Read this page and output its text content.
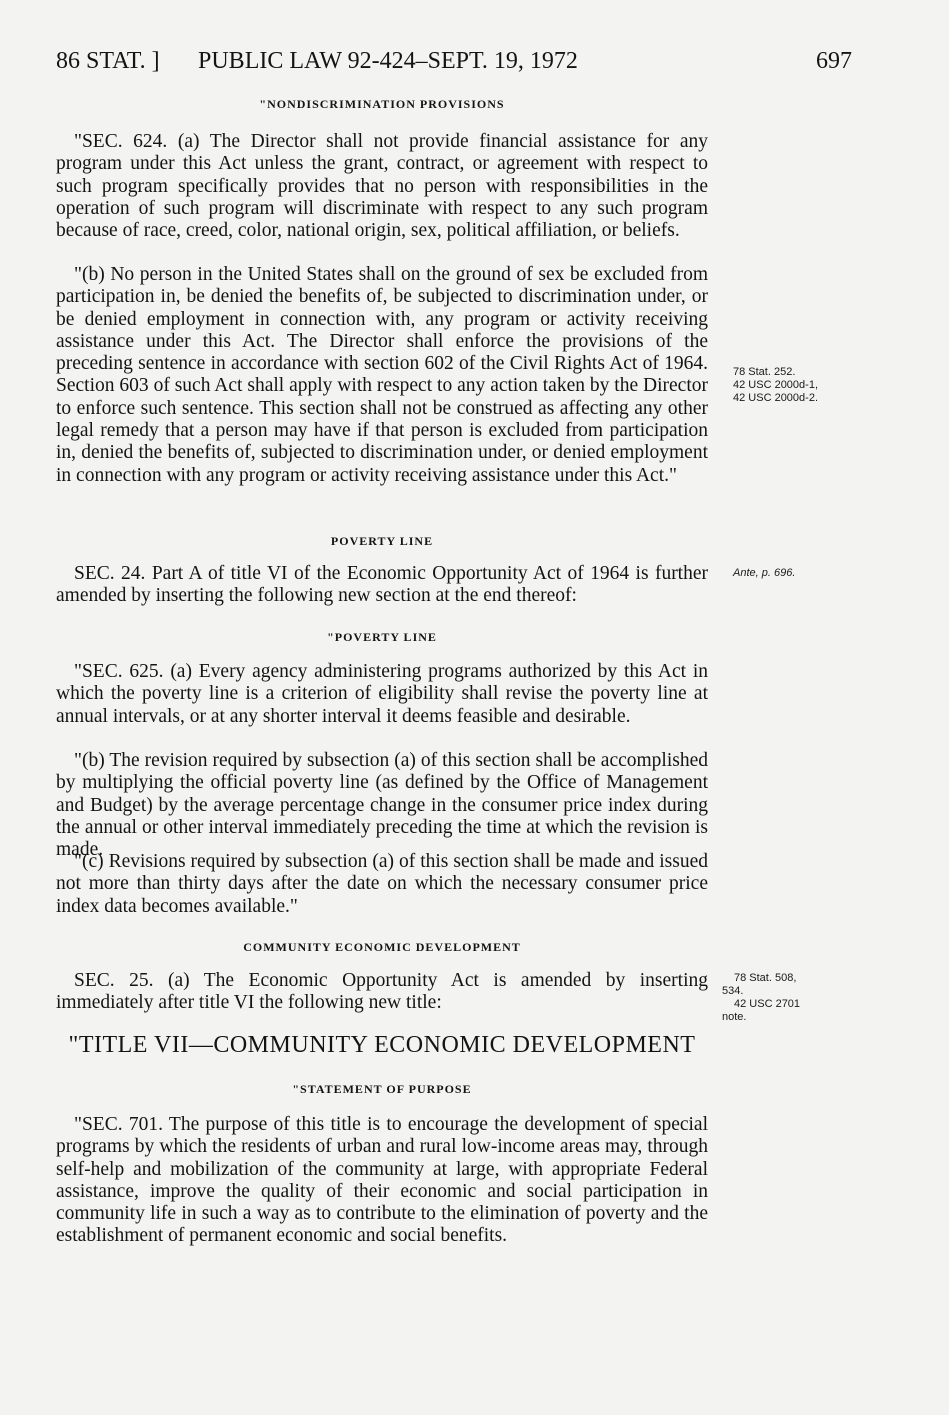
86 STAT. ] PUBLIC LAW 92-424–SEPT. 19, 1972	697
"NONDISCRIMINATION PROVISIONS

"SEC. 624. (a) The Director shall not provide financial assistance for any program under this Act unless the grant, contract, or agreement with respect to such program specifically provides that no person with responsibilities in the operation of such program will discriminate with respect to any such program because of race, creed, color, national origin, sex, political affiliation, or beliefs.

"(b) No person in the United States shall on the ground of sex be excluded from participation in, be denied the benefits of, be subjected to discrimination under, or be denied employment in connection with, any program or activity receiving assistance under this Act. The Director shall enforce the provisions of the preceding sentence in accordance with section 602 of the Civil Rights Act of 1964. Section 603 of such Act shall apply with respect to any action taken by the Director to enforce such sentence. This section shall not be construed as affecting any other legal remedy that a person may have if that person is excluded from participation in, denied the benefits of, subjected to discrimination under, or denied employment in connection with any program or activity receiving assistance under this Act."

POVERTY LINE

SEC. 24. Part A of title VI of the Economic Opportunity Act of 1964 is further amended by inserting the following new section at the end thereof:

"POVERTY LINE

"SEC. 625. (a) Every agency administering programs authorized by this Act in which the poverty line is a criterion of eligibility shall revise the poverty line at annual intervals, or at any shorter interval it deems feasible and desirable.

"(b) The revision required by subsection (a) of this section shall be accomplished by multiplying the official poverty line (as defined by the Office of Management and Budget) by the average percentage change in the consumer price index during the annual or other interval immediately preceding the time at which the revision is made.

"(c) Revisions required by subsection (a) of this section shall be made and issued not more than thirty days after the date on which the necessary consumer price index data becomes available."

COMMUNITY ECONOMIC DEVELOPMENT

SEC. 25. (a) The Economic Opportunity Act is amended by inserting immediately after title VI the following new title:

"TITLE VII—COMMUNITY ECONOMIC DEVELOPMENT
"STATEMENT OF PURPOSE

"SEC. 701. The purpose of this title is to encourage the development of special programs by which the residents of urban and rural low-income areas may, through self-help and mobilization of the community at large, with appropriate Federal assistance, improve the quality of their economic and social participation in community life in such a way as to contribute to the elimination of poverty and the establishment of permanent economic and social benefits.

78 Stat. 252.
42 USC 2000d-1,
42 USC 2000d-2.
Ante, p. 696.
78 Stat. 508,
534.
42 USC 2701
note.
